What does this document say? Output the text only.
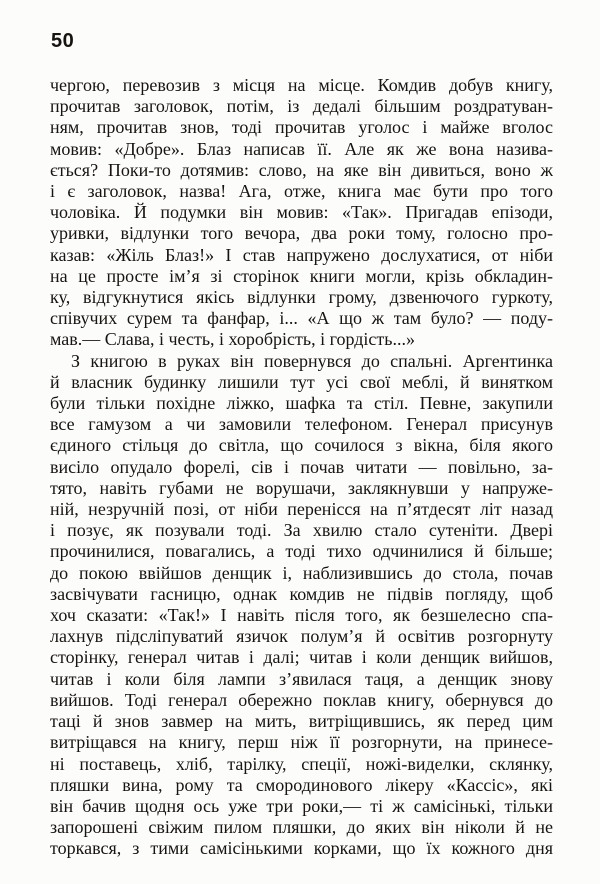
50
чергою, перевозив з місця на місце. Комдив добув книгу,
прочитав заголовок, потім, із дедалі більшим роздратуван-
ням, прочитав знов, тоді прочитав уголос і майже вголос
мовив: «Добре». Блаз написав її. Але як же вона назива-
ється? Поки-то дотямив: слово, на яке він дивиться, воно ж
і є заголовок, назва! Ага, отже, книга має бути про того
чоловіка. Й подумки він мовив: «Так». Пригадав епізоди,
уривки, відлунки того вечора, два роки тому, голосно про-
казав: «Жіль Блаз!» І став напружено дослухатися, от ніби
на це просте ім’я зі сторінок книги могли, крізь обкладин-
ку, відгукнутися якісь відлунки грому, дзвенючого гуркоту,
співучих сурем та фанфар, і... «А що ж там було? — поду-
мав.— Слава, і честь, і хоробрість, і гордість...»
З книгою в руках він повернувся до спальні. Аргентинка
й власник будинку лишили тут усі свої меблі, й винятком
були тільки похідне ліжко, шафка та стіл. Певне, закупили
все гамузом а чи замовили телефоном. Генерал присунув
єдиного стільця до світла, що сочилося з вікна, біля якого
висіло опудало форелі, сів і почав читати — повільно, за-
тято, навіть губами не ворушачи, заклякнувши у напруже-
ній, незручній позі, от ніби перенісся на п’ятдесят літ назад
і позує, як позували тоді. За хвилю стало сутеніти. Двері
прочинилися, повагались, а тоді тихо одчинилися й більше;
до покою ввійшов денщик і, наблизившись до стола, почав
засвічувати гасницю, однак комдив не підвів погляду, щоб
хоч сказати: «Так!» І навіть після того, як безшелесно спа-
лахнув підсліпуватий язичок полум’я й освітив розгорнуту
сторінку, генерал читав і далі; читав і коли денщик вийшов,
читав і коли біля лампи з’явилася таця, а денщик знову
вийшов. Тоді генерал обережно поклав книгу, обернувся до
таці й знов завмер на мить, витріщившись, як перед цим
витріщався на книгу, перш ніж її розгорнути, на принесе-
ні поставець, хліб, тарілку, спеції, ножі-виделки, склянку,
пляшки вина, рому та смородинового лікеру «Кассіс», які
він бачив щодня ось уже три роки,— ті ж самісінькі, тільки
запорошені свіжим пилом пляшки, до яких він ніколи й не
торкався, з тими самісінькими корками, що їх кожного дня
